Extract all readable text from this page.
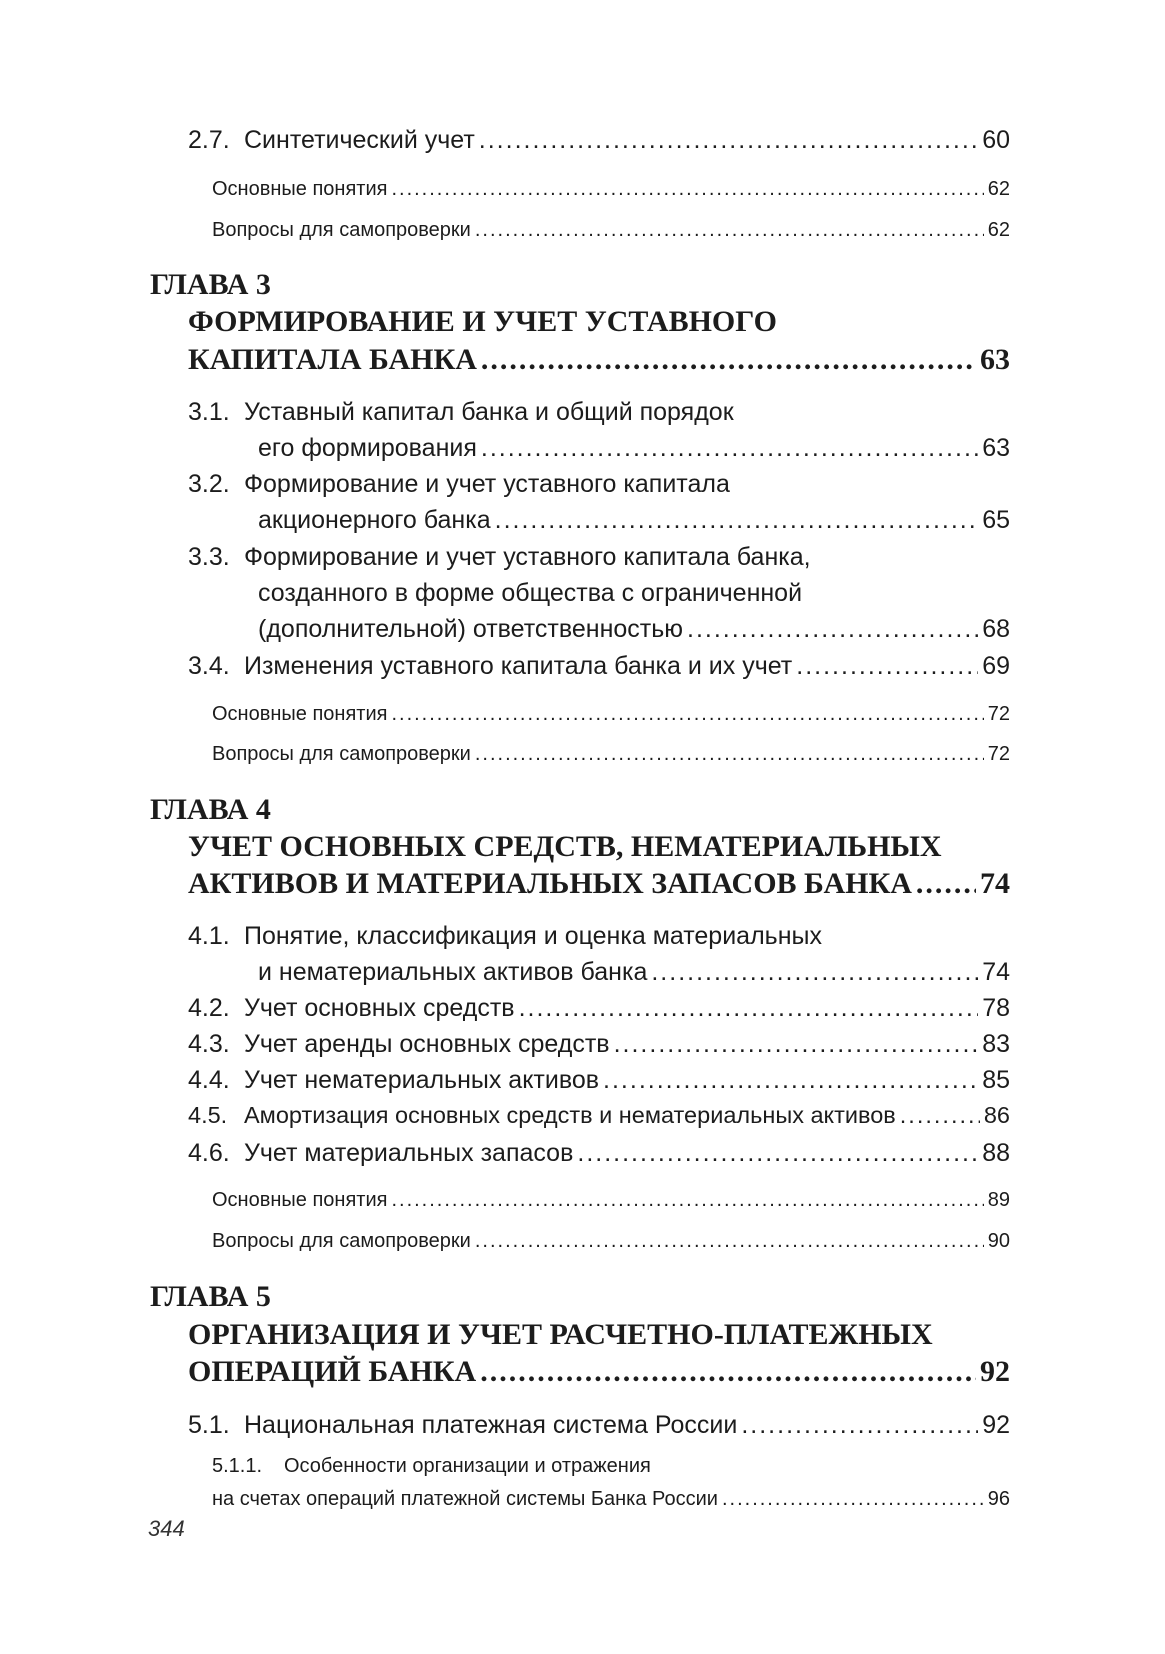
2.7. Синтетический учет .....	60
Основные понятия .....	62
Вопросы для самопроверки .....	62
ГЛАВА 3
ФОРМИРОВАНИЕ И УЧЕТ УСТАВНОГО
КАПИТАЛА БАНКА .....	63
3.1. Уставный капитал банка и общий порядок
его формирования .....	63
3.2. Формирование и учет уставного капитала
акционерного банка .....	65
3.3. Формирование и учет уставного капитала банка,
созданного в форме общества с ограниченной
(дополнительной) ответственностью .....	68
3.4. Изменения уставного капитала банка и их учет .....	69
Основные понятия .....	72
Вопросы для самопроверки .....	72
ГЛАВА 4
УЧЕТ ОСНОВНЫХ СРЕДСТВ, НЕМАТЕРИАЛЬНЫХ
АКТИВОВ И МАТЕРИАЛЬНЫХ ЗАПАСОВ БАНКА ..... 74
4.1. Понятие, классификация и оценка материальных
и нематериальных активов банка .....	74
4.2. Учет основных средств .....	78
4.3. Учет аренды основных средств .....	83
4.4. Учет нематериальных активов .....	85
4.5. Амортизация основных средств и нематериальных активов .....	86
4.6. Учет материальных запасов .....	88
Основные понятия .....	89
Вопросы для самопроверки .....	90
ГЛАВА 5
ОРГАНИЗАЦИЯ И УЧЕТ РАСЧЕТНО-ПЛАТЕЖНЫХ
ОПЕРАЦИЙ БАНКА .....	92
5.1. Национальная платежная система России .....	92
5.1.1. Особенности организации и отражения
на счетах операций платежной системы Банка России .....	96
344
